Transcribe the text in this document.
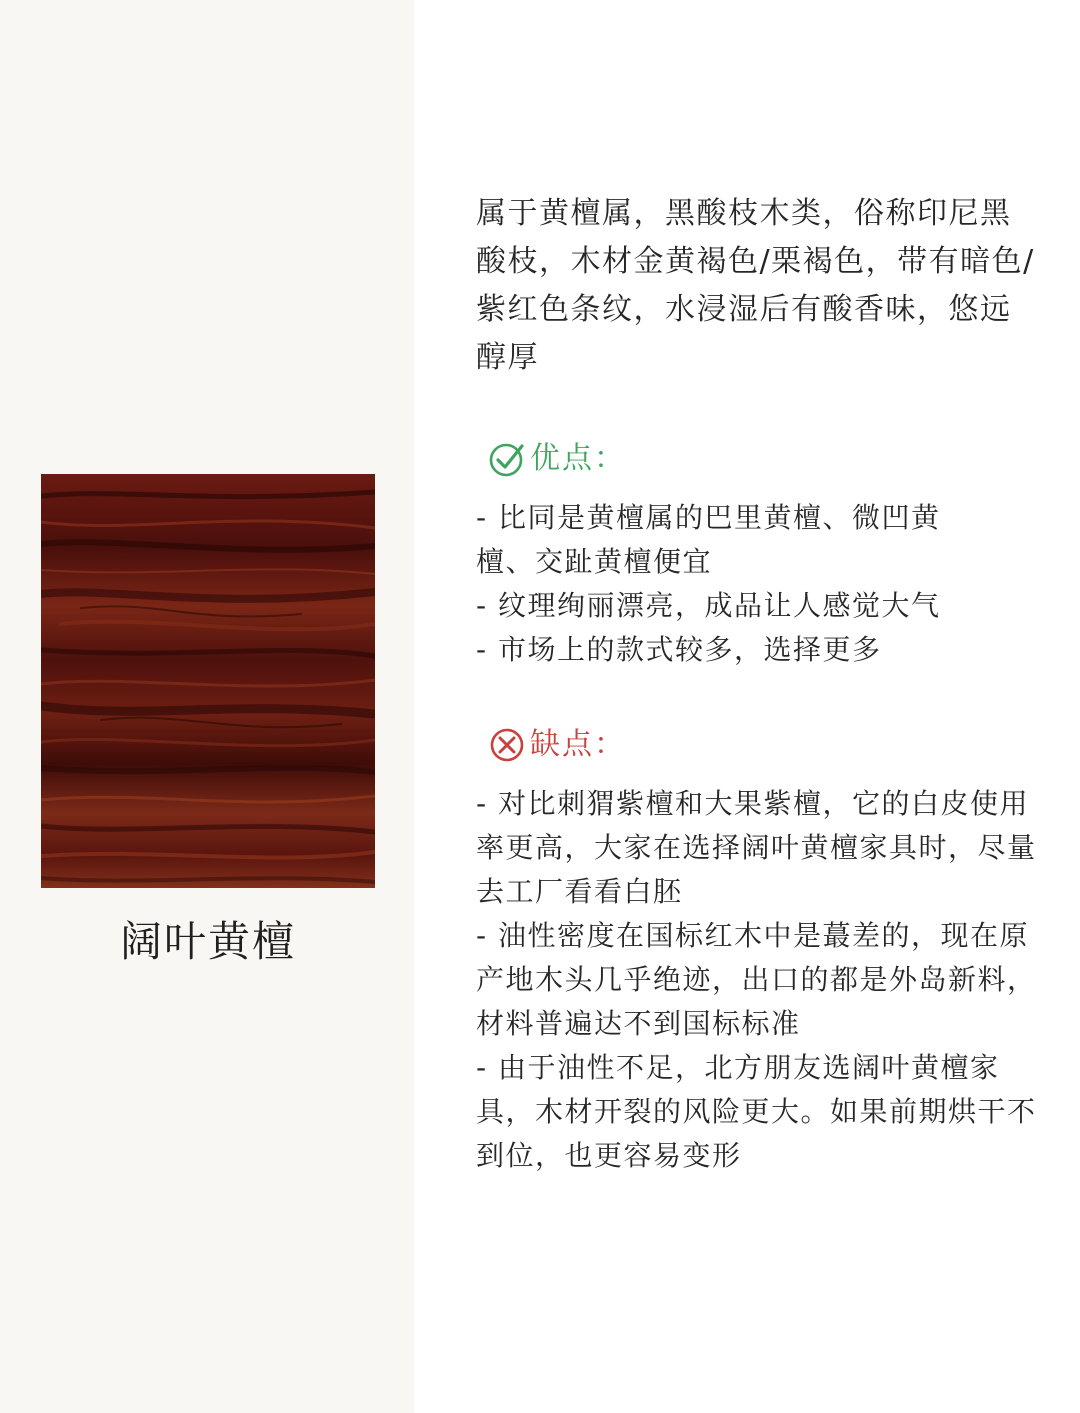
阔叶黄檀

属于黄檀属，黑酸枝木类，俗称印尼黑酸枝，木材金黄褐色/栗褐色，带有暗色/紫红色条纹，水浸湿后有酸香味，悠远醇厚

优点：
- 比同是黄檀属的巴里黄檀、微凹黄檀、交趾黄檀便宜
- 纹理绚丽漂亮，成品让人感觉大气
- 市场上的款式较多，选择更多
缺点：
- 对比刺猬紫檀和大果紫檀，它的白皮使用率更高，大家在选择阔叶黄檀家具时，尽量去工厂看看白胚
- 油性密度在国标红木中是蕞差的，现在原产地木头几乎绝迹，出口的都是外岛新料，材料普遍达不到国标标准
- 由于油性不足，北方朋友选阔叶黄檀家具，木材开裂的风险更大。如果前期烘干不到位，也更容易变形
